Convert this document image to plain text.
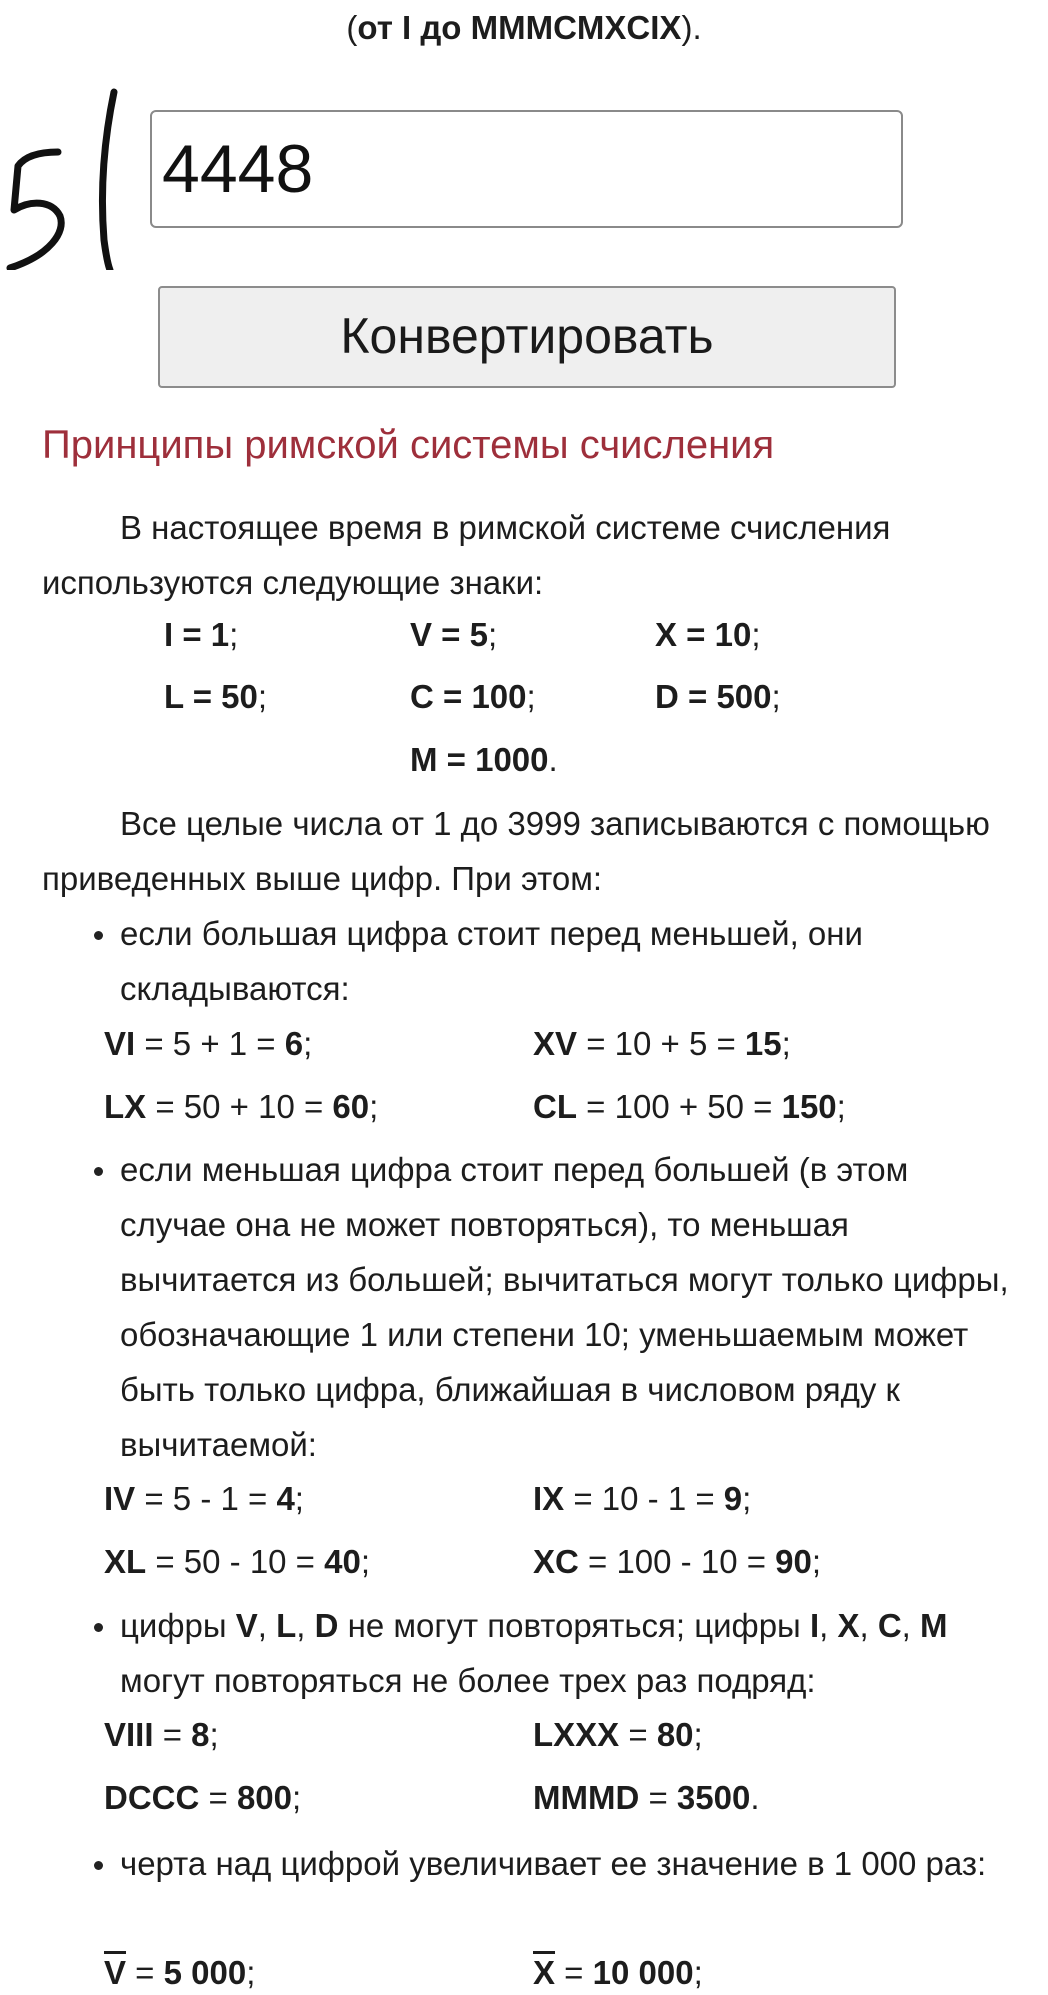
(от I до MMMCMXCIX).
4448
Конвертировать
Принципы римской системы счисления

В настоящее время в римской системе счисления используются следующие знаки:

I = 1;	V = 5;	X = 10;
L = 50;	C = 100;	D = 500;
M = 1000.

Все целые числа от 1 до 3999 записываются с помощью приведенных выше цифр. При этом:

если большая цифра стоит перед меньшей, они складываются:
VI = 5 + 1 = 6;	XV = 10 + 5 = 15;
LX = 50 + 10 = 60;	CL = 100 + 50 = 150;
если меньшая цифра стоит перед большей (в этом случае она не может повторяться), то меньшая вычитается из большей; вычитаться могут только цифры, обозначающие 1 или степени 10; уменьшаемым может быть только цифра, ближайшая в числовом ряду к вычитаемой:
IV = 5 - 1 = 4;	IX = 10 - 1 = 9;
XL = 50 - 10 = 40;	XC = 100 - 10 = 90;
цифры V, L, D не могут повторяться; цифры I, X, C, M могут повторяться не более трех раз подряд:
VIII = 8;	LXXX = 80;
DCCC = 800;	MMMD = 3500.
черта над цифрой увеличивает ее значение в 1 000 раз:
$\overline{V} = 5$ 000;	$\overline{X} = 10$ 000;
